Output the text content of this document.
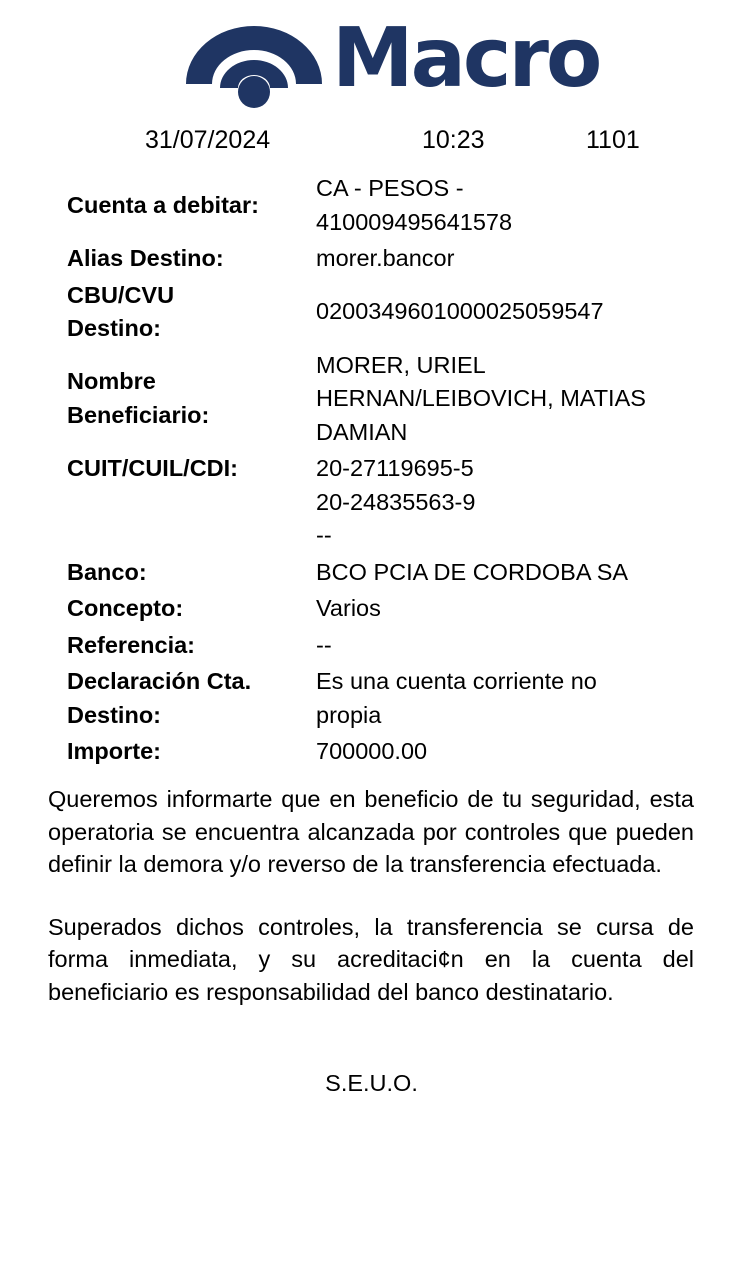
Macro
31/07/2024	10:23	1101
Cuenta a debitar:
CA - PESOS -
410009495641578
Alias Destino:	morer.bancor
CBU/CVU
Destino:
0200349601000025059547
Nombre
Beneficiario:
MORER, URIEL
HERNAN/LEIBOVICH, MATIAS
DAMIAN
CUIT/CUIL/CDI:	20-27119695-5
20-24835563-9
--
Banco:	BCO PCIA DE CORDOBA SA
Concepto:	Varios
Referencia:	--
Declaración Cta.
Destino:
Es una cuenta corriente no
propia
Importe:	700000.00

Queremos informarte que en beneficio de tu seguridad, esta operatoria se encuentra alcanzada por controles que pueden definir la demora y/o reverso de la transferencia efectuada.

Superados dichos controles, la transferencia se cursa de forma inmediata, y su acreditaci¢n en la cuenta del beneficiario es responsabilidad del banco destinatario.

S.E.U.O.
